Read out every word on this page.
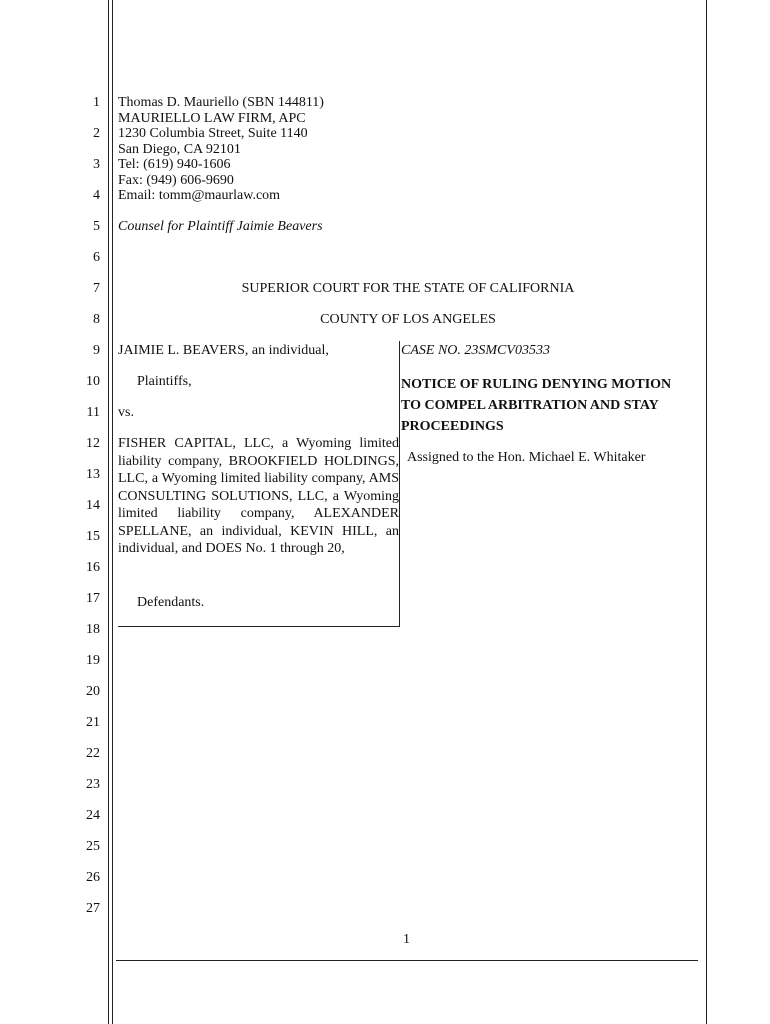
1
2
3
4
5
6
7
8
9
10
11
12
13
14
15
16
17
18
19
20
21
22
23
24
25
26
27
Thomas D. Mauriello (SBN 144811)
MAURIELLO LAW FIRM, APC
1230 Columbia Street, Suite 1140
San Diego, CA 92101
Tel: (619) 940-1606
Fax: (949) 606-9690
Email: tomm@maurlaw.com
Counsel for Plaintiff Jaimie Beavers
SUPERIOR COURT FOR THE STATE OF CALIFORNIA
COUNTY OF LOS ANGELES
JAIMIE L. BEAVERS, an individual,
Plaintiffs,
vs.
FISHER CAPITAL, LLC, a Wyoming limited liability company, BROOKFIELD HOLDINGS, LLC, a Wyoming limited liability company, AMS CONSULTING SOLUTIONS, LLC, a Wyoming limited liability company, ALEXANDER SPELLANE, an individual, KEVIN HILL, an individual, and DOES No. 1 through 20,
Defendants.
CASE NO. 23SMCV03533
NOTICE OF RULING DENYING MOTION
TO COMPEL ARBITRATION AND STAY
PROCEEDINGS
Assigned to the Hon. Michael E. Whitaker
1
